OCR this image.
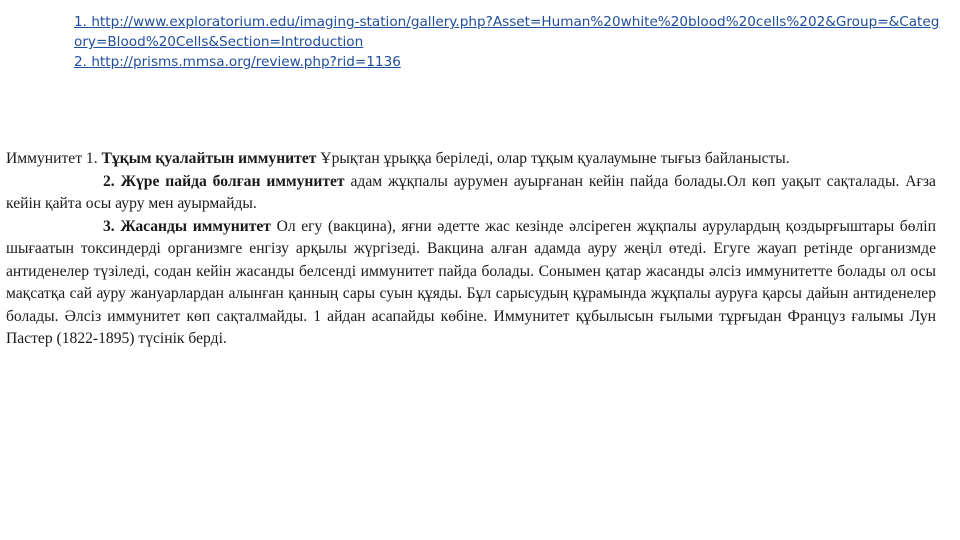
1. http://www.exploratorium.edu/imaging-station/gallery.php?Asset=Human%20white%20blood%20cells%202&Group=&Category=Blood%20Cells&Section=Introduction
2. http://prisms.mmsa.org/review.php?rid=1136

Иммунитет 1. Тұқым қуалайтын иммунитет Ұрықтан ұрыққа беріледі, олар тұқым қуалаумыне тығыз байланысты.

2. Жүре пайда болған иммунитет адам жұқпалы аурумен ауырғанан кейін пайда болады.Ол көп уақыт сақталады. Ағза кейін қайта осы ауру мен ауырмайды.

3. Жасанды иммунитет Ол егу (вакцина), яғни әдетте жас кезінде әлсіреген жұқпалы аурулардың қоздырғыштары бөліп шығаатын токсиндерді организмге енгізу арқылы жүргізеді. Вакцина алған адамда ауру жеңіл өтеді. Егуге жауап ретінде организмде антиденелер түзіледі, содан кейін жасанды белсенді иммунитет пайда болады. Сонымен қатар жасанды әлсіз иммунитетте болады ол осы мақсатқа сай ауру жануарлардан алынған қанның сары суын құяды. Бұл сарысудың құрамында жұқпалы ауруға қарсы дайын антиденелер болады. Әлсіз иммунитет көп сақталмайды. 1 айдан асапайды көбіне. Иммунитет құбылысын ғылыми тұрғыдан Француз ғалымы Лун Пастер (1822-1895) түсінік берді.
